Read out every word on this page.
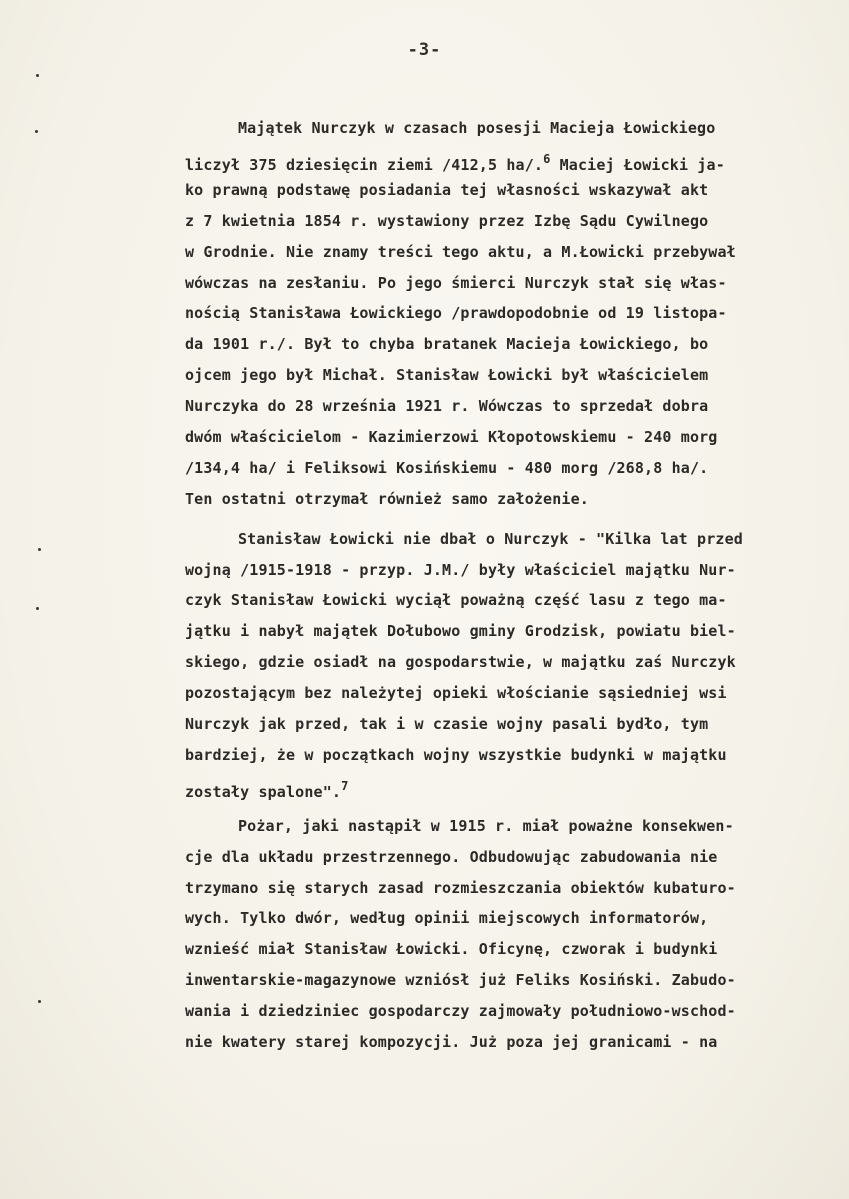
-3-
Majątek Nurczyk w czasach posesji Macieja Łowickiego
liczył 375 dziesięcin ziemi /412,5 ha/.$^6$ Maciej Łowicki ja-
ko prawną podstawę posiadania tej własności wskazywał akt
z 7 kwietnia 1854 r. wystawiony przez Izbę Sądu Cywilnego
w Grodnie. Nie znamy treści tego aktu, a M.Łowicki przebywał
wówczas na zesłaniu. Po jego śmierci Nurczyk stał się włas-
nością Stanisława Łowickiego /prawdopodobnie od 19 listopa-
da 1901 r./. Był to chyba bratanek Macieja Łowickiego, bo
ojcem jego był Michał. Stanisław Łowicki był właścicielem
Nurczyka do 28 września 1921 r. Wówczas to sprzedał dobra
dwóm właścicielom - Kazimierzowi Kłopotowskiemu - 240 morg
/134,4 ha/ i Feliksowi Kosińskiemu - 480 morg /268,8 ha/.
Ten ostatni otrzymał również samo założenie.
Stanisław Łowicki nie dbał o Nurczyk - "Kilka lat przed
wojną /1915-1918 - przyp. J.M./ były właściciel majątku Nur-
czyk Stanisław Łowicki wyciął poważną część lasu z tego ma-
jątku i nabył majątek Dołubowo gminy Grodzisk, powiatu biel-
skiego, gdzie osiadł na gospodarstwie, w majątku zaś Nurczyk
pozostającym bez należytej opieki włościanie sąsiedniej wsi
Nurczyk jak przed, tak i w czasie wojny pasali bydło, tym
bardziej, że w początkach wojny wszystkie budynki w majątku
zostały spalone".$^7$
Pożar, jaki nastąpił w 1915 r. miał poważne konsekwen-
cje dla układu przestrzennego. Odbudowując zabudowania nie
trzymano się starych zasad rozmieszczania obiektów kubaturo-
wych. Tylko dwór, według opinii miejscowych informatorów,
wznieść miał Stanisław Łowicki. Oficynę, czworak i budynki
inwentarskie-magazynowe wzniósł już Feliks Kosiński. Zabudo-
wania i dziedziniec gospodarczy zajmowały południowo-wschod-
nie kwatery starej kompozycji. Już poza jej granicami - na
